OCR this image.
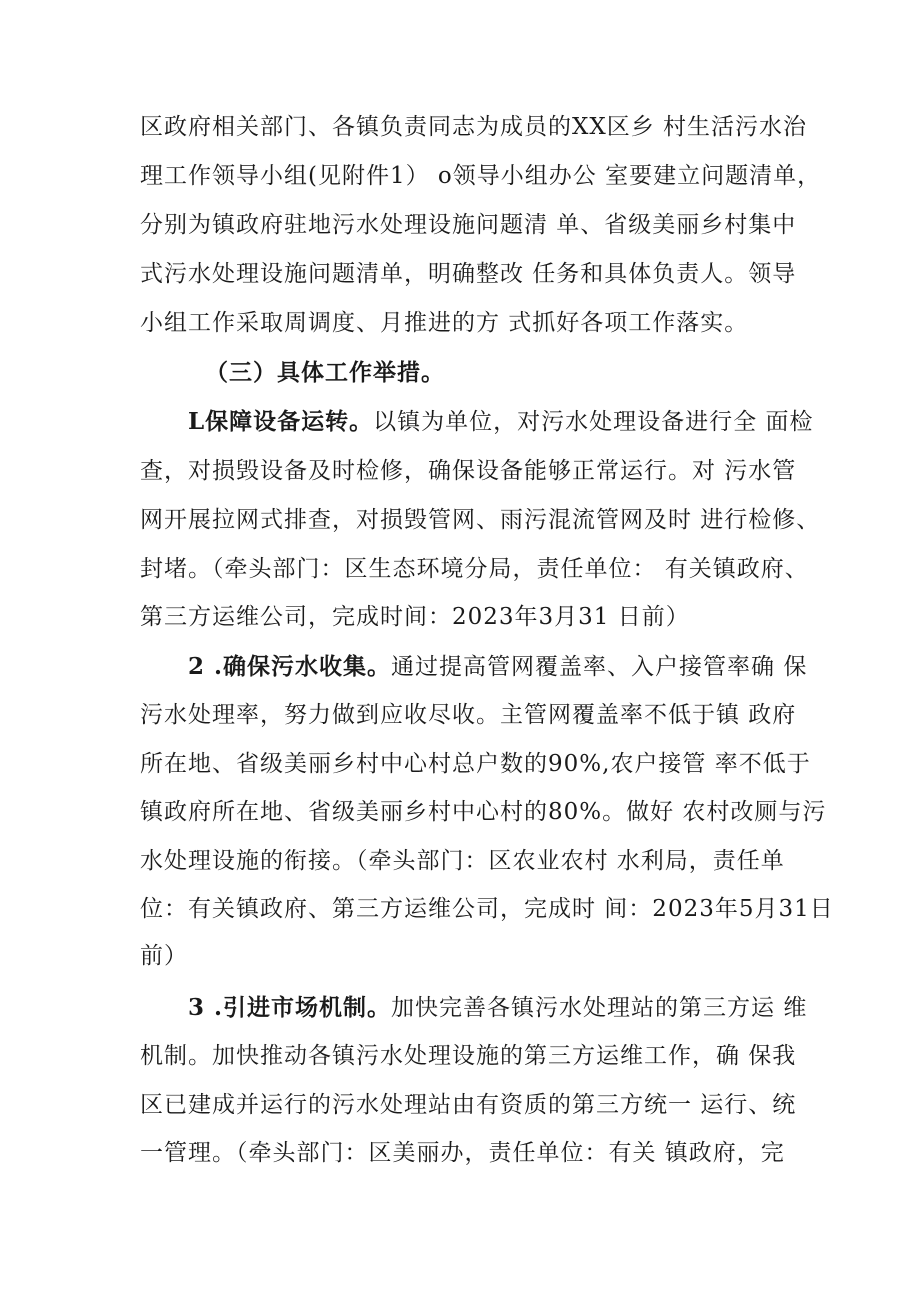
区政府相关部门、各镇负责同志为成员的XX区乡 村生活污水治
理工作领导小组(见附件1） o领导小组办公 室要建立问题清单，
分别为镇政府驻地污水处理设施问题清 单、省级美丽乡村集中
式污水处理设施问题清单，明确整改 任务和具体负责人。领导
小组工作采取周调度、月推进的方 式抓好各项工作落实。
（三）具体工作举措。
L保障设备运转。以镇为单位，对污水处理设备进行全 面检
查，对损毁设备及时检修，确保设备能够正常运行。对 污水管
网开展拉网式排查，对损毁管网、雨污混流管网及时 进行检修、
封堵。（牵头部门：区生态环境分局，责任单位： 有关镇政府、
第三方运维公司，完成时间：2023年3月31 日前）
2 .确保污水收集。通过提高管网覆盖率、入户接管率确 保
污水处理率，努力做到应收尽收。主管网覆盖率不低于镇 政府
所在地、省级美丽乡村中心村总户数的90%,农户接管 率不低于
镇政府所在地、省级美丽乡村中心村的80%。做好 农村改厕与污
水处理设施的衔接。（牵头部门：区农业农村 水利局，责任单
位：有关镇政府、第三方运维公司，完成时 间：2023年5月31日
前）
3 .引进市场机制。加快完善各镇污水处理站的第三方运 维
机制。加快推动各镇污水处理设施的第三方运维工作，确 保我
区已建成并运行的污水处理站由有资质的第三方统一 运行、统
一管理。（牵头部门：区美丽办，责任单位：有关 镇政府，完
